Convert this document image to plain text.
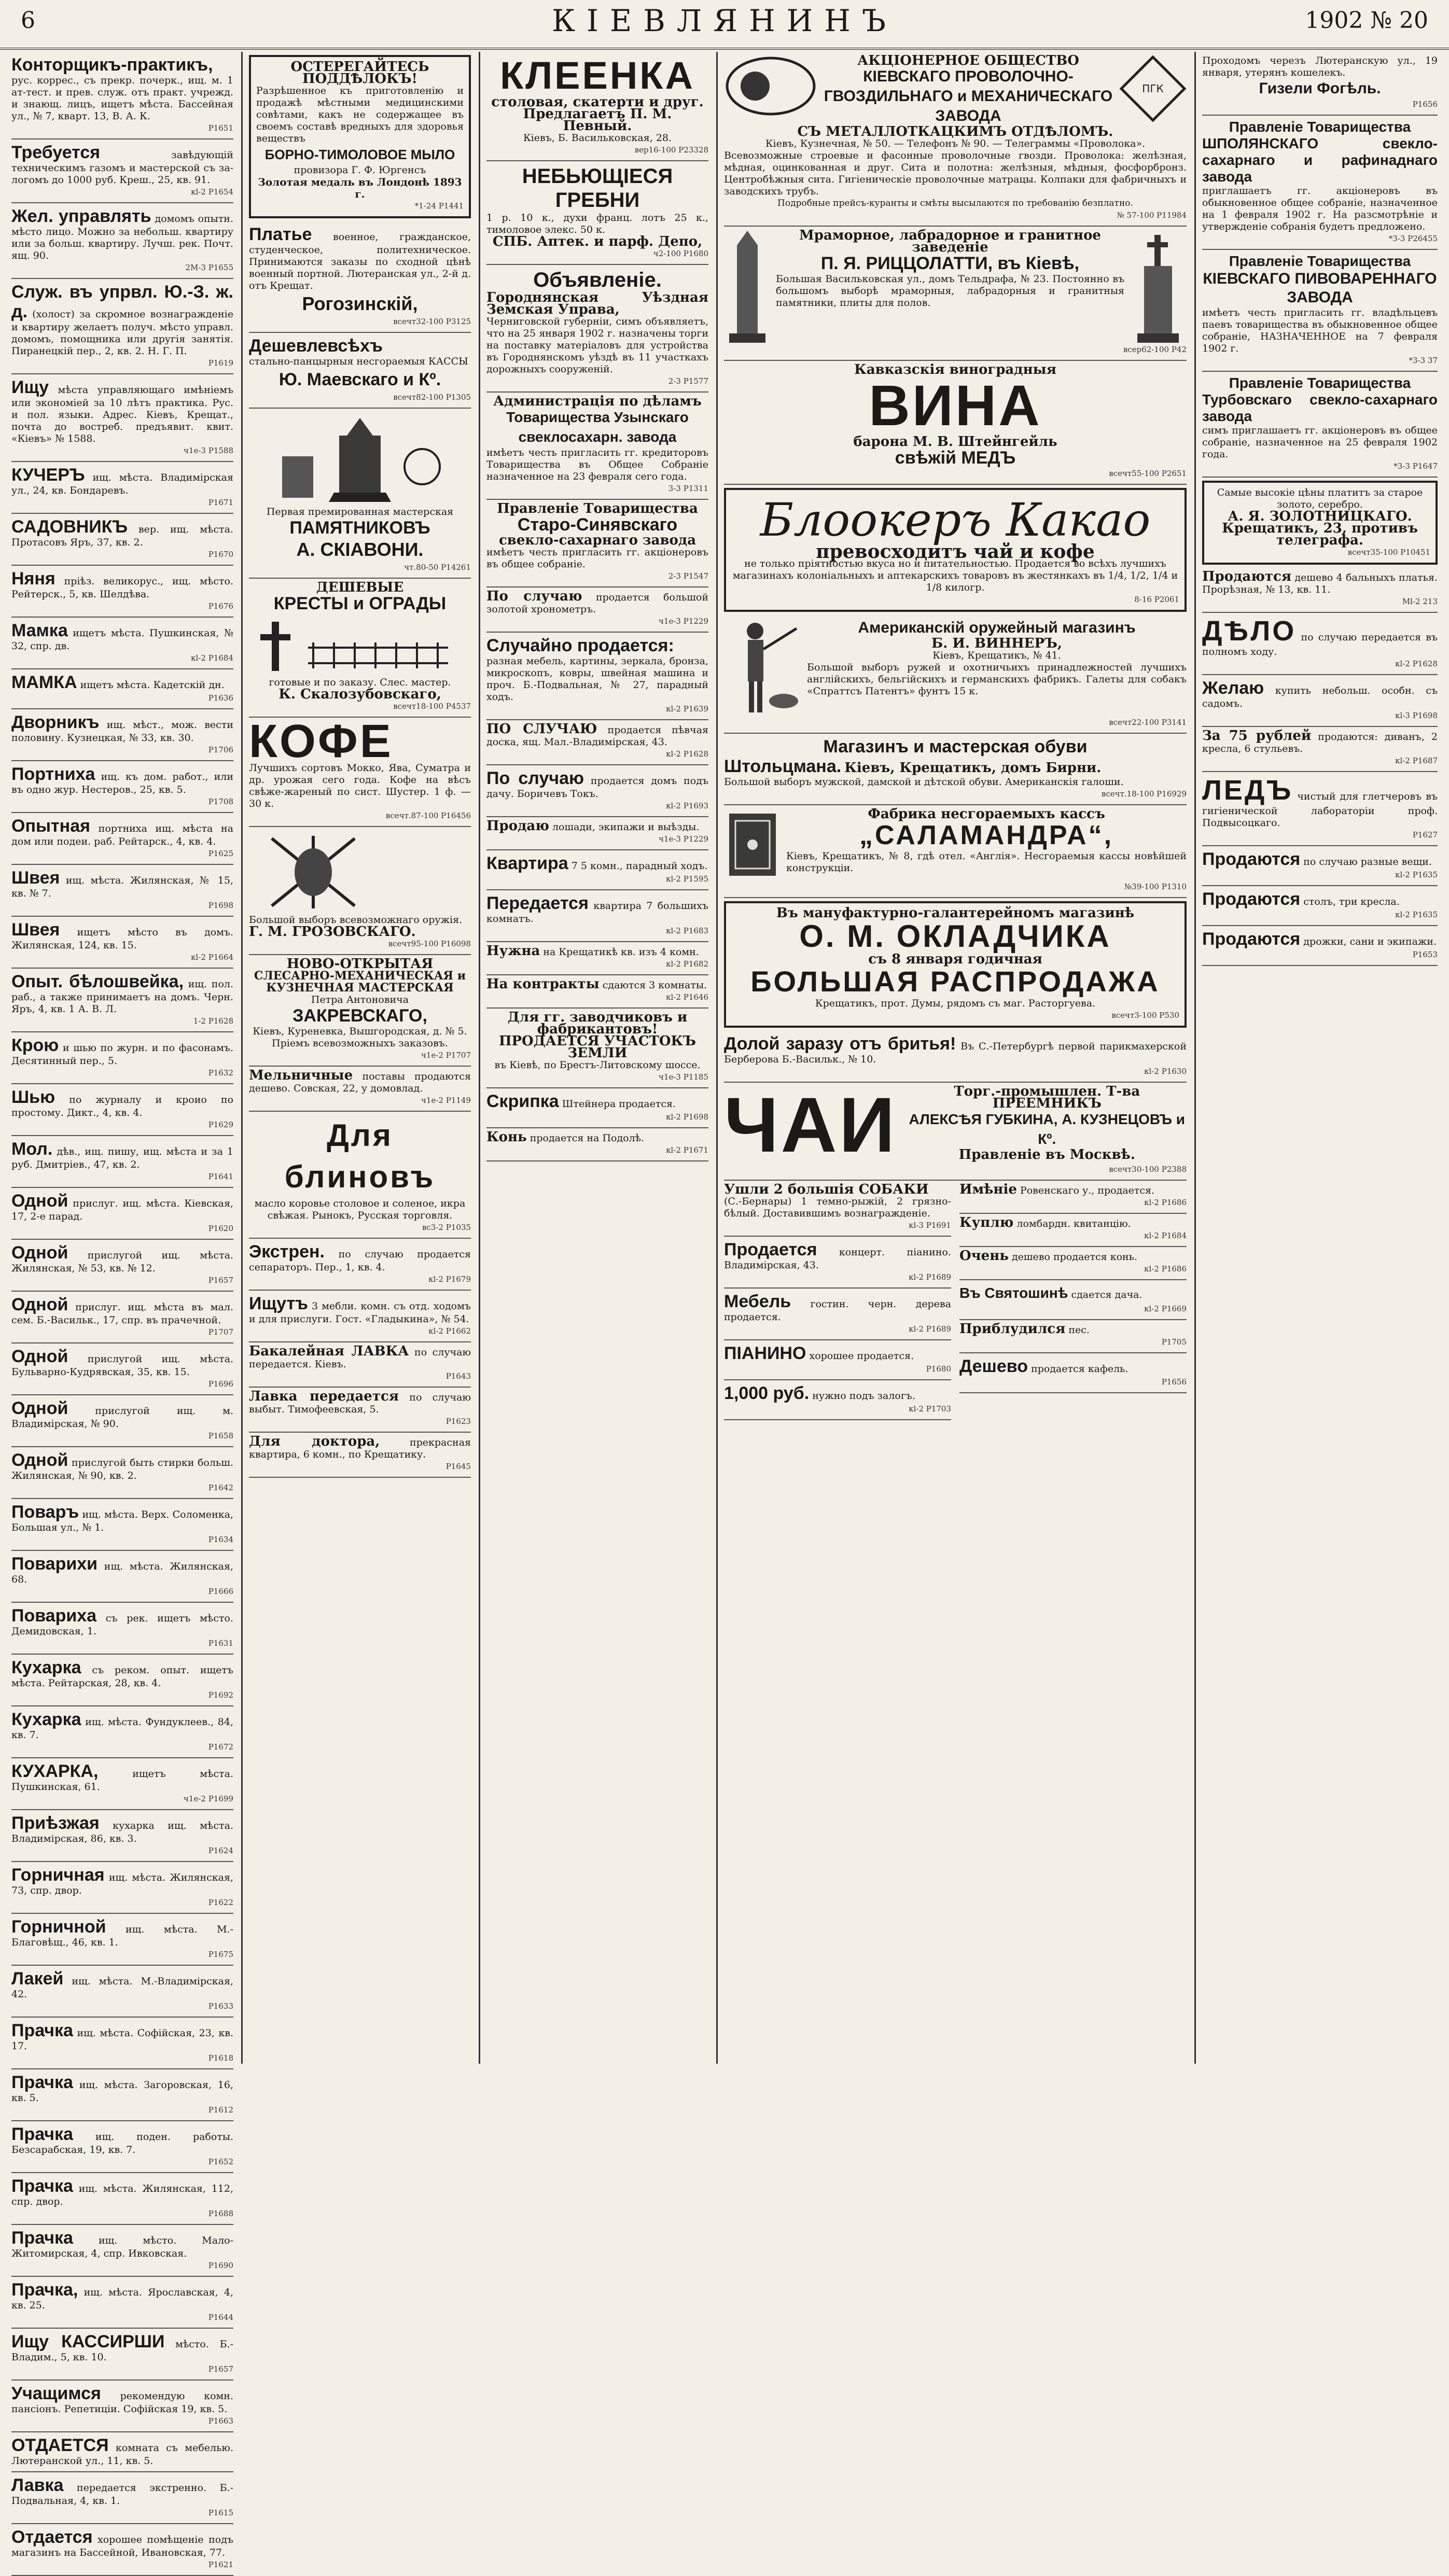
6	КІЕВЛЯНИНЪ	1902 № 20
Конторщикъ-практикъ, рус. коррес., съ прекр. почерк., ищ. м. 1 ат-тест. и прев. служ. отъ практ. учрежд. и знающ. лицъ, ищетъ мѣста. Бассейная ул., № 7, кварт. 13, В. А. К.
Р1651
Требуется	завѣдующій техническимъ газомъ и мастерской съ за-логомъ до 1000 руб. Креш., 25, кв. 91.
кl-2 Р1654
Жел. управлять домомъ опытн. мѣсто лицо. Можно за небольш. квартиру или за больш. квартиру. Лучш. рек. Почт. ящ. 90.
2М-3 Р1655
Служ. въ упрвл. Ю.-З. ж. д. (холост) за скромное вознагражденіе и квартиру желаетъ получ. мѣсто управл. домомъ, помощника или другія занятія. Пиранецкій пер., 2, кв. 2. Н. Г. П.
Р1619
Ищу мѣста управляющаго имѣніемъ или экономіей за 10 лѣтъ практика. Рус. и пол. языки. Адрес. Кіевъ, Крещат., почта до востреб. предъявит. квит. «Кіевъ» № 1588.
ч1е-3 Р1588
КУЧЕРЪ ищ. мѣста. Владимірская ул., 24, кв. Бондаревъ.
Р1671
САДОВНИКЪ вер. ищ. мѣста. Протасовъ Яръ, 37, кв. 2.
Р1670
Няня пріѣз. великорус., ищ. мѣсто. Рейтерск., 5, кв. Шелдѣва.
Р1676
Мамка ищетъ мѣста. Пушкинская, № 32, спр. дв.
кl-2 Р1684
МАМКА ищетъ мѣста. Кадетскій дн.
Р1636
Дворникъ ищ. мѣст., мож. вести половину. Кузнецкая, № 33, кв. 30.
Р1706
Портниха ищ. къ дом. работ., или въ одно жур. Нестеров., 25, кв. 5.
Р1708
Опытная портниха ищ. мѣста на дом или подеи. раб. Рейтарск., 4, кв. 4.
Р1625
Швея ищ. мѣста. Жилянская, № 15, кв. № 7.
Р1698
Швея ищетъ мѣсто въ домъ. Жилянская, 124, кв. 15.
кl-2 Р1664
Опыт. бѣлошвейка, ищ. пол. раб., а также принимаетъ на домъ. Черн. Яръ, 4, кв. 1 А. В. Л.
1-2 Р1628
Крою и шью по журн. и по фасонамъ. Десятинный пер., 5.
Р1632
Шью по журналу и кроио по простому. Дикт., 4, кв. 4.
Р1629
Мол. дѣв., ищ. пишу, ищ. мѣста и за 1 руб. Дмитріев., 47, кв. 2.
Р1641
Одной прислуг. ищ. мѣста. Кіевская, 17, 2-е парад.
Р1620
Одной прислугой ищ. мѣста. Жилянская, № 53, кв. № 12.
Р1657
Одной прислуг. ищ. мѣста въ мал. сем. Б.-Васильк., 17, спр. въ прачечной.
Р1707
Одной прислугой ищ. мѣста. Бульварно-Кудрявская, 35, кв. 15.
Р1696
Одной	прислугой ищ. м. Владимірская, № 90.
Р1658
Одной прислугой быть стирки больш. Жилянская, № 90, кв. 2.
Р1642
Поваръ ищ. мѣста. Верх. Соломенка, Большая ул., № 1.
Р1634
Поварихи ищ. мѣста. Жилянская, 68.
Р1666
Повариха съ рек. ищетъ мѣсто. Демидовская, 1.
Р1631
Кухарка съ реком. опыт. ищетъ мѣста. Рейтарская, 28, кв. 4.
Р1692
Кухарка ищ. мѣста. Фундуклеев., 84, кв. 7.
Р1672
КУХАРКА,	ищетъ мѣста. Пушкинская, 61.
ч1е-2 Р1699
Приѣзжая кухарка ищ. мѣста. Владимірская, 86, кв. 3.
Р1624
Горничная ищ. мѣста. Жилянская, 73, спр. двор.
Р1622
Горничной ищ. мѣста. М.-Благовѣщ., 46, кв. 1.
Р1675
Лакей ищ. мѣста. М.-Владимірская, 42.
Р1633
Прачка ищ. мѣста. Софійская, 23, кв. 17.
Р1618
Прачка ищ. мѣста. Загоровская, 16, кв. 5.
Р1612
Прачка ищ. поден. работы. Безсарабская, 19, кв. 7.
Р1652
Прачка ищ. мѣста. Жилянская, 112, спр. двор.
Р1688
Прачка	ищ. мѣсто. Мало-Житомирская, 4, спр. Ивковская.
Р1690
Прачка, ищ. мѣста. Ярославская, 4, кв. 25.
Р1644
Ищу КАССИРШИ мѣсто. Б.-Владим., 5, кв. 10.
Р1657
Учащимся рекомендую комн. пансіонъ. Репетиціи. Софійская 19, кв. 5.
Р1663
ОТДАЕТСЯ комната съ мебелью. Лютеранской ул., 11, кв. 5.
Лавка передается экстренно. Б.-Подвальная, 4, кв. 1.
Р1615
Отдается хорошее помѣщеніе подъ магазинъ на Бассейной, Ивановская, 77.
Р1621
ОСТЕРЕГАЙТЕСЬ ПОДДѢЛОКЪ!
Разрѣшенное къ приготовленію и продажѣ мѣстными медицинскими совѣтами, какъ не содержащее въ своемъ составѣ вредныхъ для здоровья веществъ
БОРНО-ТИМОЛОВОЕ МЫЛО
провизора Г. Ф. Юргенсъ
Золотая медаль въ Лондонѣ 1893 г.
*1-24 Р1441
Платье военное, гражданское, студенческое, политехническое. Принимаются заказы по сходной цѣнѣ военный портной. Лютеранская ул., 2-й д. отъ Крещат.
Рогозинскій,
всечт32-100 Р3125
Дешевлевсѣхъ
стально-панцырныя несгораемыя КАССЫ
Ю. Маевскаго и Кº.
всечт82-100 Р1305
Первая премированная мастерская
ПАМЯТНИКОВЪ
А. СКІАВОНИ.
чт.80-50 Р14261
ДЕШЕВЫЕ
КРЕСТЫ и ОГРАДЫ
готовые и по заказу. Слес. мастер.
К. Скалозубовскаго,
всечт18-100 Р4537
КОФЕ
Лучшихъ сортовъ Мокко, Ява, Суматра и др. урожая сего года. Кофе на вѣсъ свѣже-жареный по сист. Шустер. 1 ф. — 30 к.
всечт.87-100 Р16456
Большой выборъ всевозможнаго оружія.
Г. М. ГРОЗОВСКАГО.
всечт95-100 Р16098
НОВО-ОТКРЫТАЯ
СЛЕСАРНО-МЕХАНИЧЕСКАЯ и КУЗНЕЧНАЯ МАСТЕРСКАЯ
Петра Антоновича
ЗАКРЕВСКАГО,
Кіевъ, Куреневка, Вышгородская, д. № 5. Пріемъ всевозможныхъ заказовъ.
ч1е-2 Р1707
Мельничные поставы продаются дешево. Совская, 22, у домовлад.
ч1е-2 Р1149
Для блиновъ
масло коровье столовое и соленое, икра свѣжая. Рынокъ, Русская торговля.
вс3-2 Р1035
Экстрен. по случаю продается сепараторъ. Пер., 1, кв. 4.
кl-2 Р1679
Ищутъ 3 мебли. комн. съ отд. ходомъ и для прислуги. Гост. «Гладыкина», № 54.
кl-2 Р1662
Бакалейная ЛАВКА по случаю передается. Кіевъ.
Р1643
Лавка передается по случаю выбыт. Тимофеевская, 5.
Р1623
Для доктора,	прекрасная квартира, 6 комн., по Крещатику.
Р1645
КЛЕЕНКА
столовая, скатерти и друг.
Предлагаетъ П. М. Певный.
Кіевъ, Б. Васильковская, 28.
вер16-100 Р23328
НЕБЬЮЩІЕСЯ ГРЕБНИ
1 р. 10 к., духи франц. лотъ 25 к., тимоловое элекс. 50 к.
СПБ. Аптек. и парф. Депо,
ч2-100 Р1680
Объявленіе.
Городнянская Уѣздная Земская Управа,
Черниговской губерніи, симъ объявляетъ, что на 25 января 1902 г. назначены торги на поставку матеріаловъ для устройства въ Городнянскомъ уѣздѣ въ 11 участкахъ дорожныхъ сооруженій.
2-3 Р1577
Администрація по дѣламъ
Товарищества Узынскаго свеклосахарн. завода
имѣетъ честь пригласить гг. кредиторовъ Товарищества въ Общее Собраніе назначенное на 23 февраля сего года.
3-3 Р1311
Правленіе Товарищества
Старо-Синявскаго
свекло-сахарнаго завода
имѣетъ честь пригласить гг. акціонеровъ въ общее собраніе.
2-3 Р1547
По случаю продается большой золотой хронометръ.
ч1е-3 Р1229
Случайно продается:
разная мебель, картины, зеркала, бронза, микроскопъ, ковры, швейная машина и проч. Б.-Подвальная, № 27, парадный ходъ.
кl-2 Р1639
ПО СЛУЧАЮ продается пѣвчая доска, ящ. Мал.-Владимірская, 43.
кl-2 Р1628
По случаю продается домъ подъ дачу. Боричевъ Токъ.
кl-2 Р1693
Продаю лошади, экипажи и выѣзды.
ч1е-3 Р1229
Квартира 7 5 комн., парадный ходъ.
кl-2 Р1595
Передается квартира 7 большихъ комнатъ.
кl-2 Р1683
Нужна на Крещатикѣ кв. изъ 4 комн.
кl-2 Р1682
На контракты сдаются 3 комнаты.
кl-2 Р1646
Для гг. заводчиковъ и фабрикантовъ!
ПРОДАЕТСЯ УЧАСТОКЪ ЗЕМЛИ
въ Кіевѣ, по Брестъ-Литовскому шоссе.
ч1е-3 Р1185
Скрипка Штейнера продается.
кl-2 Р1698
Конь продается на Подолѣ.
кl-2 Р1671
ПГК
АКЦІОНЕРНОЕ ОБЩЕСТВО
КІЕВСКАГО ПРОВОЛОЧНО-ГВОЗДИЛЬНАГО и МЕХАНИЧЕСКАГО ЗАВОДА
СЪ МЕТАЛЛОТКАЦКИМЪ ОТДѢЛОМЪ.
Кіевъ, Кузнечная, № 50. — Телефонъ № 90. — Телеграммы «Проволока».
Всевозможные строевые и фасонные проволочные гвозди. Проволока: желѣзная, мѣдная, оцинкованная и друг. Сита и полотна: желѣзныя, мѣдныя, фосфорбронз. Центробѣжныя сита. Гигіеническіе проволочные матрацы. Колпаки для фабричныхъ и заводскихъ трубъ.
Подробные прейсъ-куранты и смѣты высылаются по требованію безплатно.
№ 57-100 Р11984
Мраморное, лабрадорное и гранитное заведеніе
П. Я. РИЦЦОЛАТТИ, въ Кіевѣ,
Большая Васильковская ул., домъ Тельдрафа, № 23. Постоянно въ большомъ выборѣ мраморныя, лабрадорныя и гранитныя памятники, плиты для полов.
всер62-100 Р42
Кавказскія виноградныя
ВИНА
барона М. В. Штейнгейль
свѣжій МЕДЪ
всечт55-100 Р2651
Блоокеръ Какао
превосходитъ чай и кофе
не только пріятностью вкуса но и питательностью. Продается во всѣхъ лучшихъ магазинахъ колоніальныхъ и аптекарскихъ товаровъ въ жестянкахъ въ 1/4, 1/2, 1/4 и 1/8 килогр.
8-16 Р2061
Американскій оружейный магазинъ
Б. И. ВИННЕРЪ,
Кіевъ, Крещатикъ, № 41.
Большой выборъ ружей и охотничьихъ принадлежностей лучшихъ англійскихъ, бельгійскихъ и германскихъ фабрикъ. Галеты для собакъ «Спраттсъ Патентъ» фунтъ 15 к.
всечт22-100 Р3141
Магазинъ и мастерская обуви
Штольцмана. Кіевъ, Крещатикъ, домъ Бирни.
Большой выборъ мужской, дамской и дѣтской обуви. Американскія галоши.
всечт.18-100 Р16929
Фабрика несгораемыхъ кассъ
„САЛАМАНДРА“,
Кіевъ, Крещатикъ, № 8, гдѣ отел. «Англія». Несгораемыя кассы новѣйшей конструкціи.
№39-100 Р1310
Въ мануфактурно-галантерейномъ магазинѣ
О. М. ОКЛАДЧИКА
съ 8 января годичная
БОЛЬШАЯ РАСПРОДАЖА
Крещатикъ, прот. Думы, рядомъ съ маг. Расторгуева.
всечт3-100 Р530
Долой заразу отъ бритья! Въ С.-Петербургѣ первой парикмахерской Берберова Б.-Васильк., № 10.
кl-2 Р1630
ЧАИ	Торг.-промышлен. Т-ва
ПРЕЕМНИКЪ
АЛЕКСѢЯ ГУБКИНА, А. КУЗНЕЦОВЪ и Кº.
Правленіе въ Москвѣ.
всечт30-100 Р2388
Ушли 2 большія СОБАКИ
(С.-Бернары) 1 темно-рыжій, 2 грязно-бѣлый. Доставившимъ вознагражденіе.
кl-3 Р1691
Продается концерт. піанино. Владимірская, 43.
кl-2 Р1689
Мебель гостин. черн. дерева продается.
кl-2 Р1689
ПІАНИНО хорошее продается.
Р1680
1,000 руб. нужно подъ залогъ.
кl-2 Р1703
Имѣніе Ровенскаго у., продается.
кl-2 Р1686
Куплю ломбардн. квитанцію.
кl-2 Р1684
Очень дешево продается конь.
кl-2 Р1686
Въ Святошинѣ сдается дача.
кl-2 Р1669
Приблудился пес.
Р1705
Дешево продается кафель.
Р1656
Проходомъ черезъ Лютеранскую ул., 19 января, утерянъ кошелекъ.
Гизели Фогѣль.
Р1656
Правленіе Товарищества
ШПОЛЯНСКАГО свекло-сахарнаго и рафинаднаго завода
приглашаетъ гг. акціонеровъ въ обыкновенное общее собраніе, назначенное на 1 февраля 1902 г. На разсмотрѣніе и утвержденіе собранія будетъ предложено.
*3-3 Р26455
Правленіе Товарищества
КІЕВСКАГО ПИВОВАРЕННАГО ЗАВОДА
имѣетъ честь пригласить гг. владѣльцевъ паевъ товарищества въ обыкновенное общее собраніе, НАЗНАЧЕННОЕ на 7 февраля 1902 г.
*3-3 37
Правленіе Товарищества
Турбовскаго свекло-сахарнаго завода
симъ приглашаетъ гг. акціонеровъ въ общее собраніе, назначенное на 25 февраля 1902 года.
*3-3 Р1647
Самые высокіе цѣны платитъ за старое золото, серебро.
А. Я. ЗОЛОТНИЦКАГО.
Крещатикъ, 23, противъ телеграфа.
всечт35-100 Р10451
Продаются дешево 4 бальныхъ платья. Прорѣзная, № 13, кв. 11.
Мl-2 213
ДѢЛО по случаю передается въ полномъ ходу.
кl-2 Р1628
Желаю купить небольш. особн. съ садомъ.
кl-3 Р1698
За 75 рублей продаются: диванъ, 2 кресла, 6 стульевъ.
кl-2 Р1687
ЛЕДЪ чистый для глетчеровъ въ гигіенической лабораторіи проф. Подвысоцкаго.
Р1627
Продаются по случаю разные вещи.
кl-2 Р1635
Продаются столъ, три кресла.
кl-2 Р1635
Продаются дрожки, сани и экипажи.
Р1653
